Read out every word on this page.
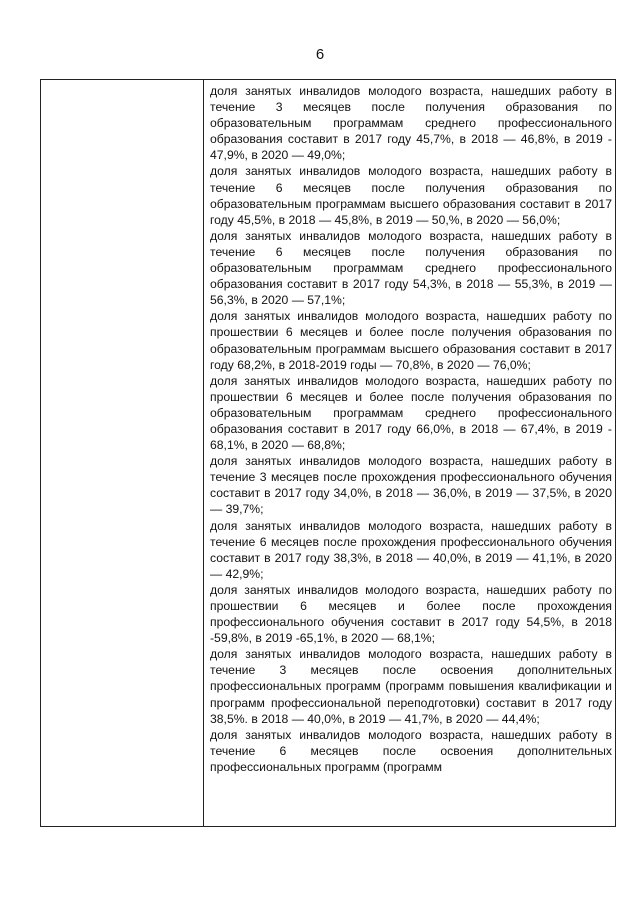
6

доля занятых инвалидов молодого возраста, нашедших работу в течение 3 месяцев после получения образования по образовательным программам среднего профессионального образования составит в 2017 году 45,7%, в 2018 — 46,8%, в 2019 - 47,9%, в 2020 — 49,0%;

доля занятых инвалидов молодого возраста, нашедших работу в течение 6 месяцев после получения образования по образовательным программам высшего образования составит в 2017 году 45,5%, в 2018 — 45,8%, в 2019 — 50,%, в 2020 — 56,0%;

доля занятых инвалидов молодого возраста, нашедших работу в течение 6 месяцев после получения образования по образовательным программам среднего профессионального образования составит в 2017 году 54,3%, в 2018 — 55,3%, в 2019 — 56,3%, в 2020 — 57,1%;

доля занятых инвалидов молодого возраста, нашедших работу по прошествии 6 месяцев и более после получения образования по образовательным программам высшего образования составит в 2017 году 68,2%, в 2018-2019 годы — 70,8%, в 2020 — 76,0%;

доля занятых инвалидов молодого возраста, нашедших работу по прошествии 6 месяцев и более после получения образования по образовательным программам среднего профессионального образования составит в 2017 году 66,0%, в 2018 — 67,4%, в 2019 - 68,1%, в 2020 — 68,8%;

доля занятых инвалидов молодого возраста, нашедших работу в течение 3 месяцев после прохождения профессионального обучения составит в 2017 году 34,0%, в 2018 — 36,0%, в 2019 — 37,5%, в 2020 — 39,7%;

доля занятых инвалидов молодого возраста, нашедших работу в течение 6 месяцев после прохождения профессионального обучения составит в 2017 году 38,3%, в 2018 — 40,0%, в 2019 — 41,1%, в 2020 — 42,9%;

доля занятых инвалидов молодого возраста, нашедших работу по прошествии 6 месяцев и более после прохождения профессионального обучения составит в 2017 году 54,5%, в 2018 -59,8%, в 2019 -65,1%, в 2020 — 68,1%;

доля занятых инвалидов молодого возраста, нашедших работу в течение 3 месяцев после освоения дополнительных профессиональных программ (программ повышения квалификации и программ профессиональной переподготовки) составит в 2017 году 38,5%. в 2018 — 40,0%, в 2019 — 41,7%, в 2020 — 44,4%;

доля занятых инвалидов молодого возраста, нашедших работу в течение 6 месяцев после освоения дополнительных профессиональных программ (программ
